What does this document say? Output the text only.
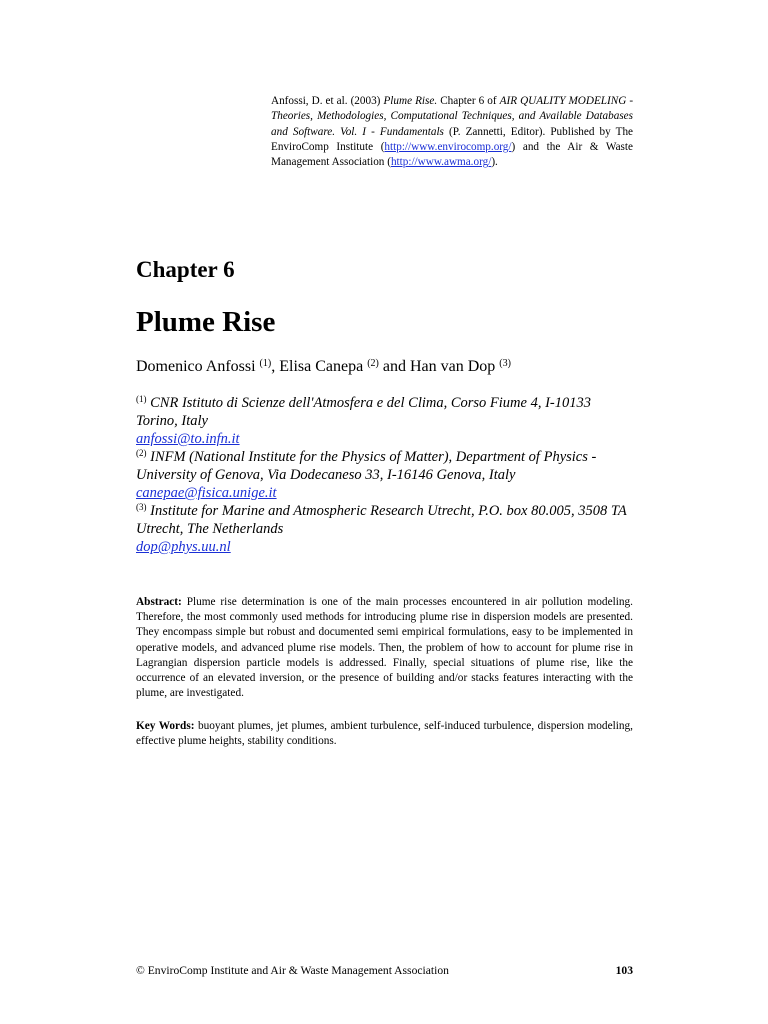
Anfossi, D. et al. (2003) Plume Rise. Chapter 6 of AIR QUALITY MODELING - Theories, Methodologies, Computational Techniques, and Available Databases and Software. Vol. I - Fundamentals (P. Zannetti, Editor). Published by The EnviroComp Institute (http://www.envirocomp.org/) and the Air & Waste Management Association (http://www.awma.org/).
Chapter 6
Plume Rise
Domenico Anfossi $^{(1)}$, Elisa Canepa $^{(2)}$ and Han van Dop $^{(3)}$
$^{(1)}$ CNR Istituto di Scienze dell'Atmosfera e del Clima, Corso Fiume 4, I-10133 Torino, Italy
anfossi@to.infn.it
$^{(2)}$ INFM (National Institute for the Physics of Matter), Department of Physics - University of Genova, Via Dodecaneso 33, I-16146 Genova, Italy
canepae@fisica.unige.it
$^{(3)}$ Institute for Marine and Atmospheric Research Utrecht, P.O. box 80.005, 3508 TA Utrecht, The Netherlands
dop@phys.uu.nl
Abstract: Plume rise determination is one of the main processes encountered in air pollution modeling. Therefore, the most commonly used methods for introducing plume rise in dispersion models are presented. They encompass simple but robust and documented semi empirical formulations, easy to be implemented in operative models, and advanced plume rise models. Then, the problem of how to account for plume rise in Lagrangian dispersion particle models is addressed. Finally, special situations of plume rise, like the occurrence of an elevated inversion, or the presence of building and/or stacks features interacting with the plume, are investigated.
Key Words: buoyant plumes, jet plumes, ambient turbulence, self-induced turbulence, dispersion modeling, effective plume heights, stability conditions.
© EnviroComp Institute and Air & Waste Management Association	103
